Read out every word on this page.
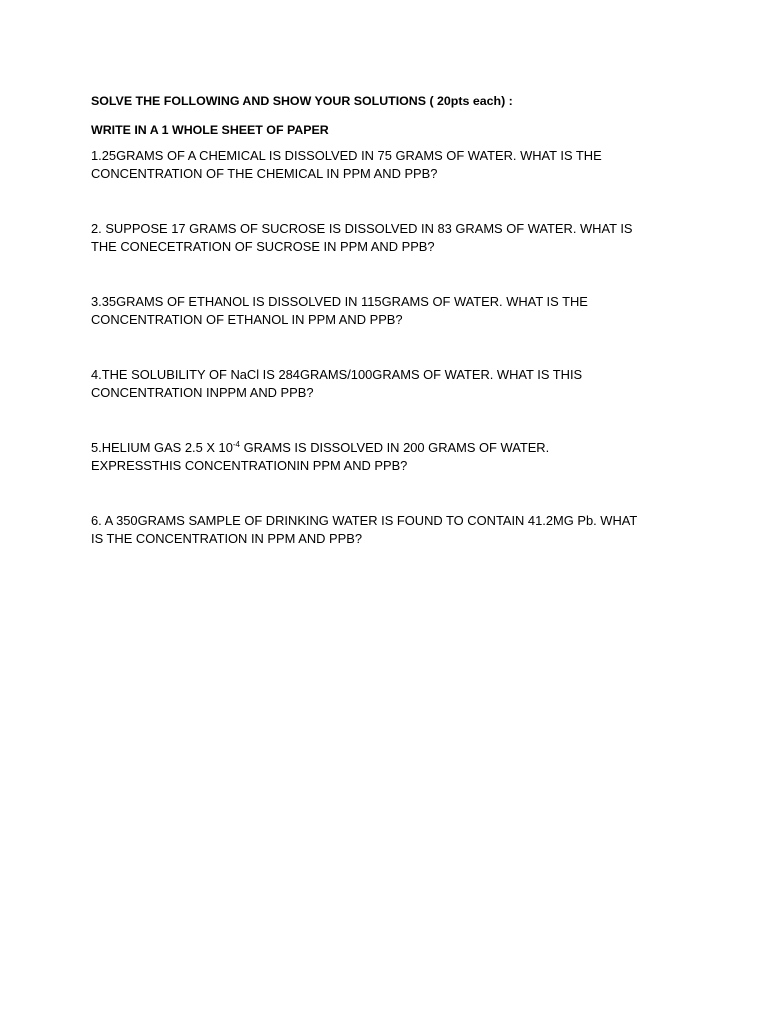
SOLVE THE FOLLOWING AND SHOW YOUR SOLUTIONS ( 20pts each) :

WRITE IN A 1 WHOLE SHEET OF PAPER

1.25GRAMS OF A CHEMICAL IS DISSOLVED IN 75 GRAMS OF WATER. WHAT IS THE
CONCENTRATION OF THE CHEMICAL IN PPM AND PPB?
2. SUPPOSE 17 GRAMS OF SUCROSE IS DISSOLVED IN 83 GRAMS OF WATER. WHAT IS
THE CONECETRATION OF SUCROSE IN PPM AND PPB?
3.35GRAMS OF ETHANOL IS DISSOLVED IN 115GRAMS OF WATER. WHAT IS THE
CONCENTRATION OF ETHANOL IN PPM AND PPB?
4.THE SOLUBILITY OF NaCl IS 284GRAMS/100GRAMS OF WATER. WHAT IS THIS
CONCENTRATION INPPM AND PPB?
5.HELIUM GAS 2.5 X $10^{-4}$ GRAMS IS DISSOLVED IN 200 GRAMS OF WATER.
EXPRESSTHIS CONCENTRATIONIN PPM AND PPB?
6. A 350GRAMS SAMPLE OF DRINKING WATER IS FOUND TO CONTAIN 41.2MG Pb. WHAT
IS THE CONCENTRATION IN PPM AND PPB?
